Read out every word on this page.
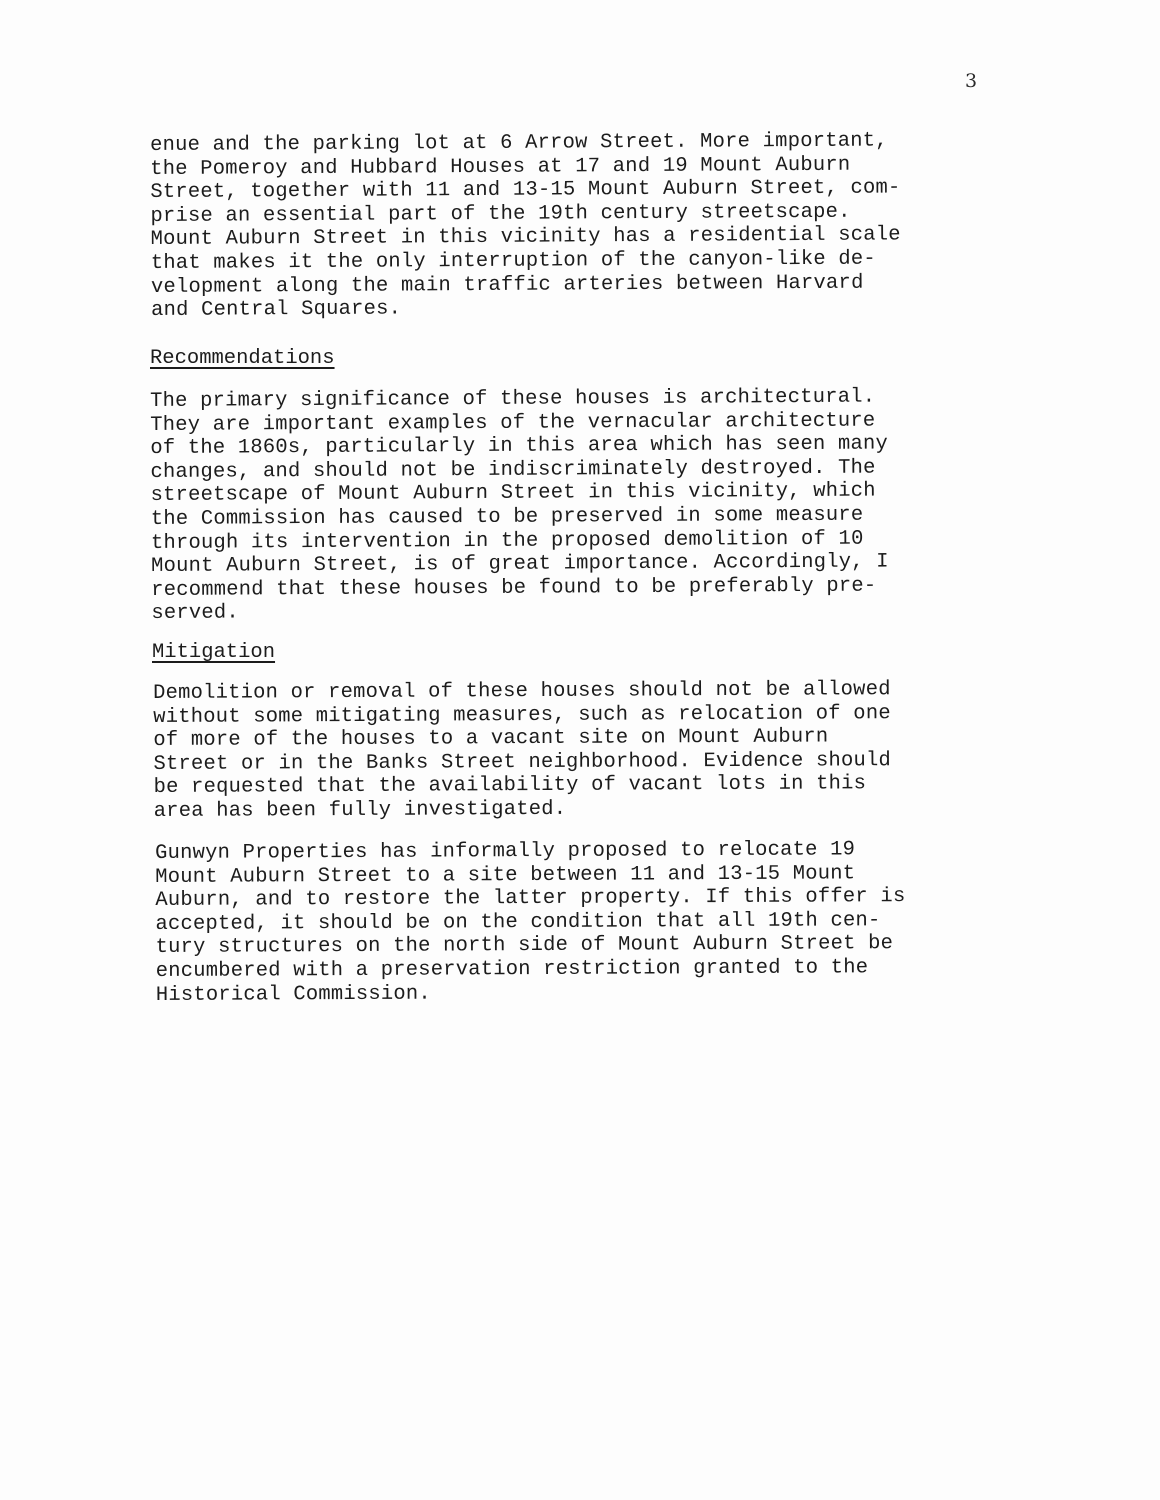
3
enue and the parking lot at 6 Arrow Street. More important,
the Pomeroy and Hubbard Houses at 17 and 19 Mount Auburn
Street, together with 11 and 13-15 Mount Auburn Street, com-
prise an essential part of the 19th century streetscape.
Mount Auburn Street in this vicinity has a residential scale
that makes it the only interruption of the canyon-like de-
velopment along the main traffic arteries between Harvard
and Central Squares.
Recommendations
The primary significance of these houses is architectural.
They are important examples of the vernacular architecture
of the 1860s, particularly in this area which has seen many
changes, and should not be indiscriminately destroyed. The
streetscape of Mount Auburn Street in this vicinity, which
the Commission has caused to be preserved in some measure
through its intervention in the proposed demolition of 10
Mount Auburn Street, is of great importance. Accordingly, I
recommend that these houses be found to be preferably pre-
served.
Mitigation
Demolition or removal of these houses should not be allowed
without some mitigating measures, such as relocation of one
of more of the houses to a vacant site on Mount Auburn
Street or in the Banks Street neighborhood. Evidence should
be requested that the availability of vacant lots in this
area has been fully investigated.
Gunwyn Properties has informally proposed to relocate 19
Mount Auburn Street to a site between 11 and 13-15 Mount
Auburn, and to restore the latter property. If this offer is
accepted, it should be on the condition that all 19th cen-
tury structures on the north side of Mount Auburn Street be
encumbered with a preservation restriction granted to the
Historical Commission.
